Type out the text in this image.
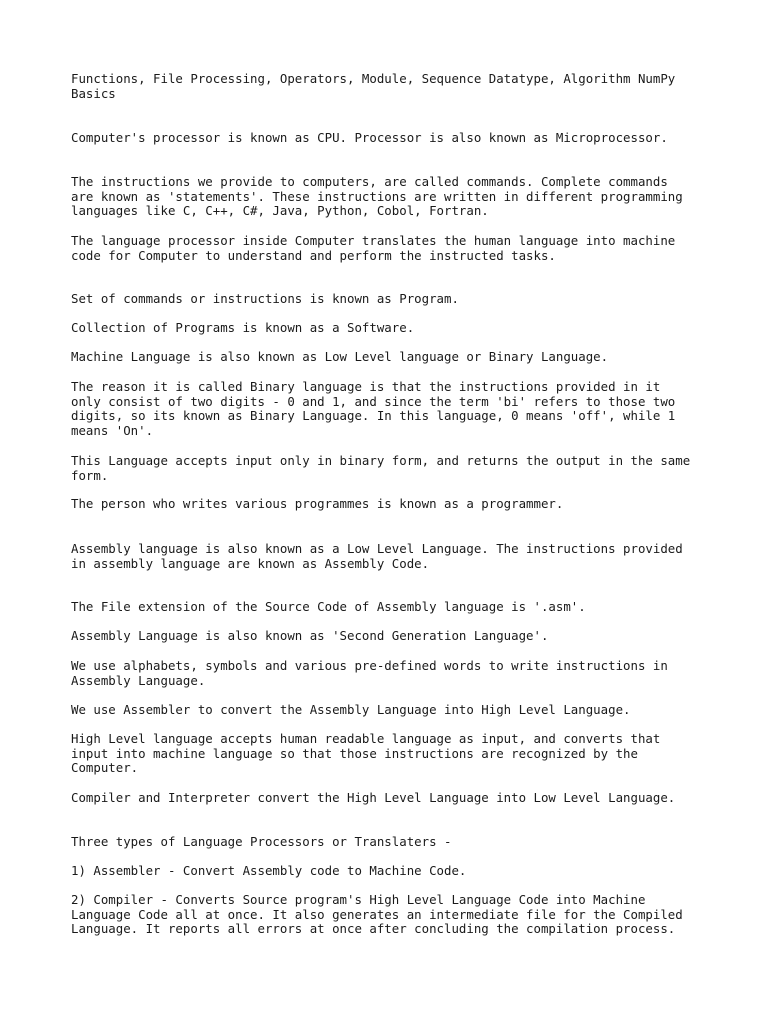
Functions, File Processing, Operators, Module, Sequence Datatype, Algorithm NumPy
Basics

Computer's processor is known as CPU. Processor is also known as Microprocessor.

The instructions we provide to computers, are called commands. Complete commands
are known as 'statements'. These instructions are written in different programming
languages like C, C++, C#, Java, Python, Cobol, Fortran.

The language processor inside Computer translates the human language into machine
code for Computer to understand and perform the instructed tasks.

Set of commands or instructions is known as Program.

Collection of Programs is known as a Software.

Machine Language is also known as Low Level language or Binary Language.

The reason it is called Binary language is that the instructions provided in it
only consist of two digits - 0 and 1, and since the term 'bi' refers to those two
digits, so its known as Binary Language. In this language, 0 means 'off', while 1
means 'On'.

This Language accepts input only in binary form, and returns the output in the same
form.

The person who writes various programmes is known as a programmer.

Assembly language is also known as a Low Level Language. The instructions provided
in assembly language are known as Assembly Code.

The File extension of the Source Code of Assembly language is '.asm'.

Assembly Language is also known as 'Second Generation Language'.

We use alphabets, symbols and various pre-defined words to write instructions in
Assembly Language.

We use Assembler to convert the Assembly Language into High Level Language.

High Level language accepts human readable language as input, and converts that
input into machine language so that those instructions are recognized by the
Computer.

Compiler and Interpreter convert the High Level Language into Low Level Language.

Three types of Language Processors or Translaters -

1) Assembler - Convert Assembly code to Machine Code.

2) Compiler - Converts Source program's High Level Language Code into Machine
Language Code all at once. It also generates an intermediate file for the Compiled
Language. It reports all errors at once after concluding the compilation process.
